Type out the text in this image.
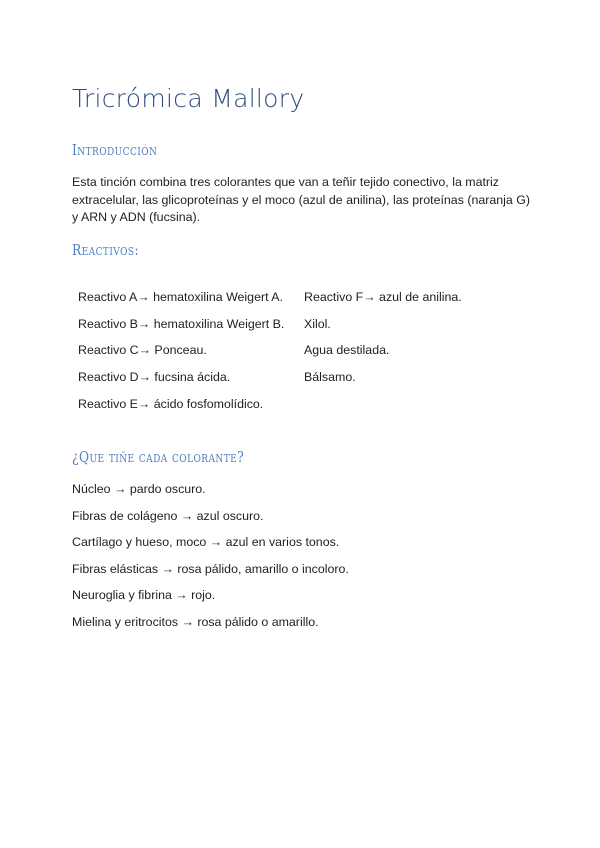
Tricrómica Mallory
Introducción

Esta tinción combina tres colorantes que van a teñir tejido conectivo, la matriz extracelular, las glicoproteínas y el moco (azul de anilina), las proteínas (naranja G) y ARN y ADN (fucsina).

Reactivos:
Reactivo A→ hematoxilina Weigert A.	Reactivo F→ azul de anilina.
Reactivo B→ hematoxilina Weigert B.	Xilol.
Reactivo C→ Ponceau.	Agua destilada.
Reactivo D→ fucsina ácida.	Bálsamo.
Reactivo E→ ácido fosfomolídico.
¿Que tiñe cada colorante?
Núcleo → pardo oscuro.
Fibras de colágeno → azul oscuro.
Cartílago y hueso, moco → azul en varios tonos.
Fibras elásticas → rosa pálido, amarillo o incoloro.
Neuroglia y fibrina → rojo.
Mielina y eritrocitos → rosa pálido o amarillo.
